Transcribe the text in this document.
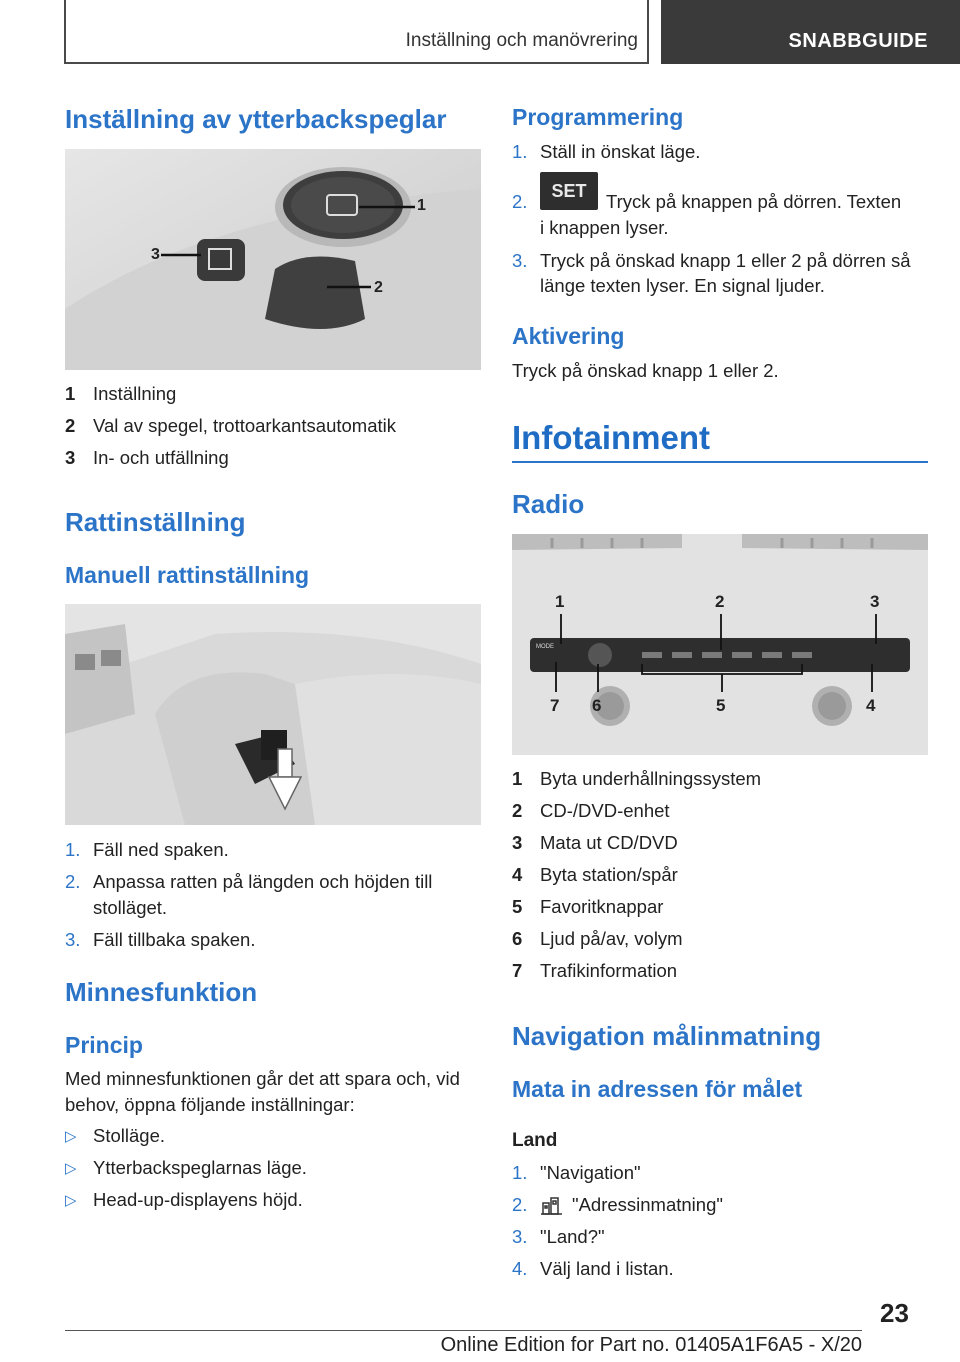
Inställning och manövrering	SNABBGUIDE
Inställning av ytterbackspeglar
1
2
3
1 Inställning
2 Val av spegel, trottoarkantsautomatik
3 In- och utfällning
Rattinställning
Manuell rattinställning
1. Fäll ned spaken.
2. Anpassa ratten på längden och höjden till
stolläget.
3. Fäll tillbaka spaken.
Minnesfunktion
Princip
Med minnesfunktionen går det att spara och, vid
behov, öppna följande inställningar:
▷ Stolläge.
▷ Ytterbackspeglarnas läge.
▷ Head-up-displayens höjd.
Programmering
1. Ställ in önskat läge.
2.	SET	Tryck på knappen på dörren. Texten
i knappen lyser.
3. Tryck på önskad knapp 1 eller 2 på dörren så
länge texten lyser. En signal ljuder.
Aktivering
Tryck på önskad knapp 1 eller 2.
Infotainment
Radio
1	2	3
7 6	5	4
MODE
1 Byta underhållningssystem
2 CD-/DVD-enhet
3 Mata ut CD/DVD
4 Byta station/spår
5 Favoritknappar
6 Ljud på/av, volym
7 Trafikinformation
Navigation målinmatning
Mata in adressen för målet
Land
1. "Navigation"
2.	"Adressinmatning"
3. "Land?"
4. Välj land i listan.
23
Online Edition for Part no. 01405A1F6A5 - X/20
